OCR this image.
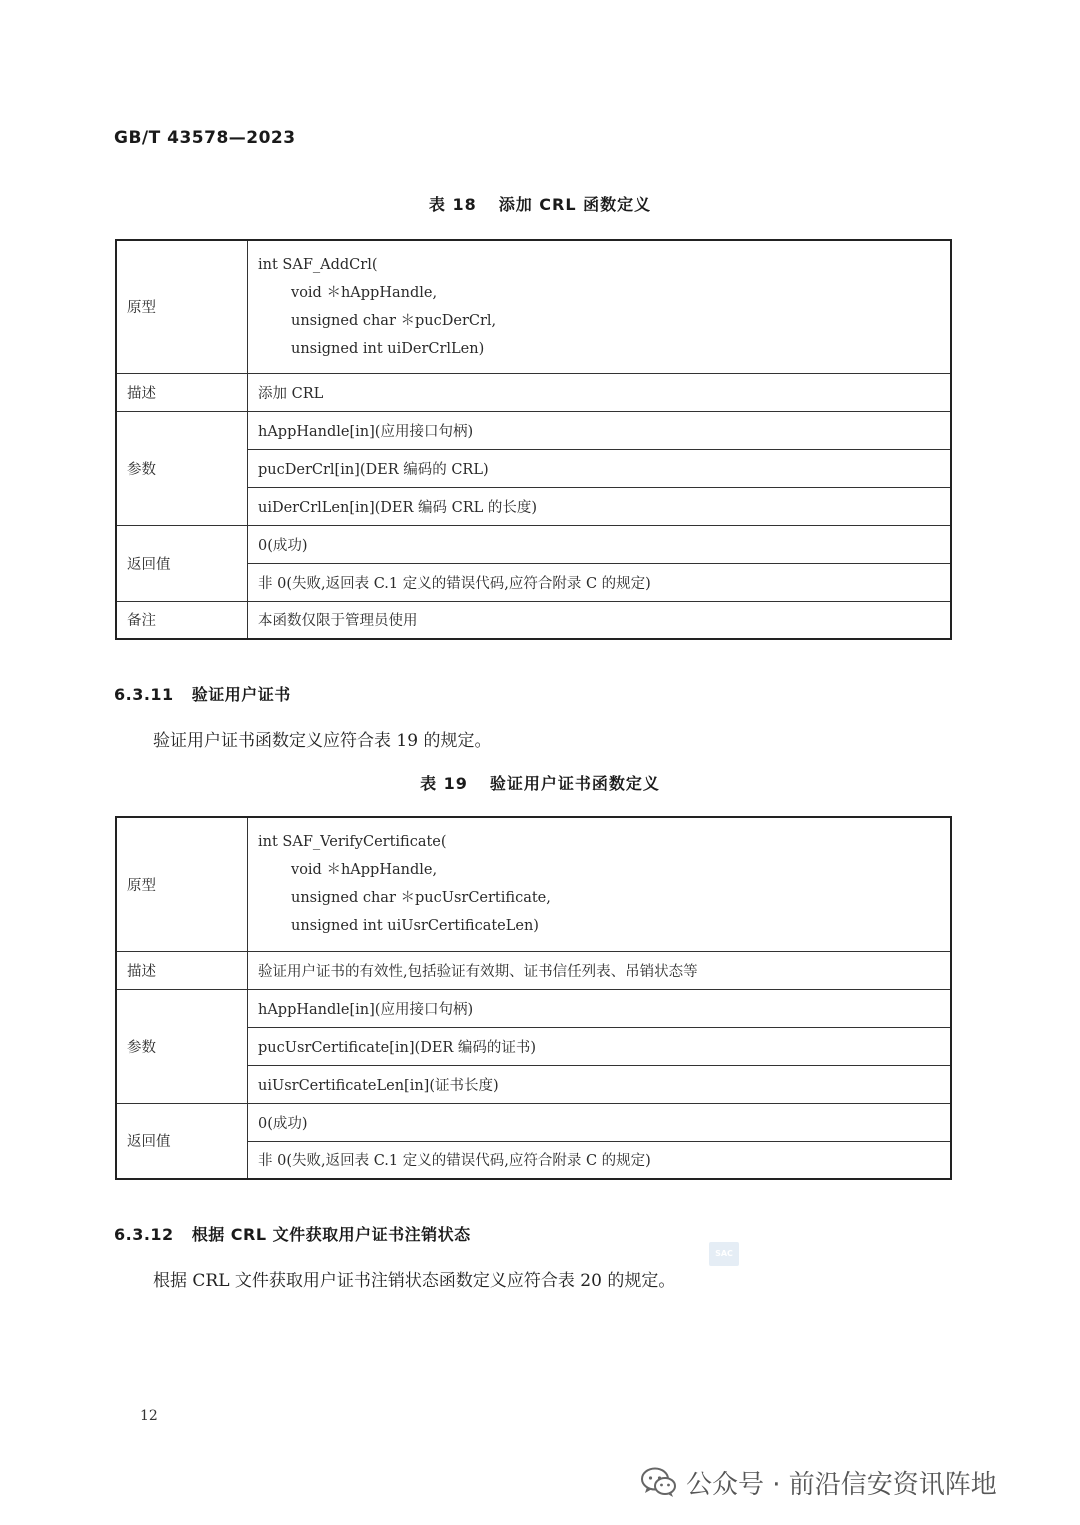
GB/T 43578—2023
表 18 添加 CRL 函数定义
原型	int SAF_AddCrl(
void ＊hAppHandle,
unsigned char ＊pucDerCrl,
unsigned int uiDerCrlLen)

描述	添加 CRL
参数	hAppHandle[in](应用接口句柄)
	pucDerCrl[in](DER 编码的 CRL)
	uiDerCrlLen[in](DER 编码 CRL 的长度)
返回值	0(成功)
	非 0(失败,返回表 C.1 定义的错误代码,应符合附录 C 的规定)
备注	本函数仅限于管理员使用
6.3.11 验证用户证书
验证用户证书函数定义应符合表 19 的规定。
表 19 验证用户证书函数定义
原型	int SAF_VerifyCertificate(
void ＊hAppHandle,
unsigned char ＊pucUsrCertificate,
unsigned int uiUsrCertificateLen)

描述	验证用户证书的有效性,包括验证有效期、证书信任列表、吊销状态等
参数	hAppHandle[in](应用接口句柄)
	pucUsrCertificate[in](DER 编码的证书)
	uiUsrCertificateLen[in](证书长度)
返回值	0(成功)
	非 0(失败,返回表 C.1 定义的错误代码,应符合附录 C 的规定)
6.3.12 根据 CRL 文件获取用户证书注销状态
SAC
根据 CRL 文件获取用户证书注销状态函数定义应符合表 20 的规定。
12
公众号 · 前沿信安资讯阵地
